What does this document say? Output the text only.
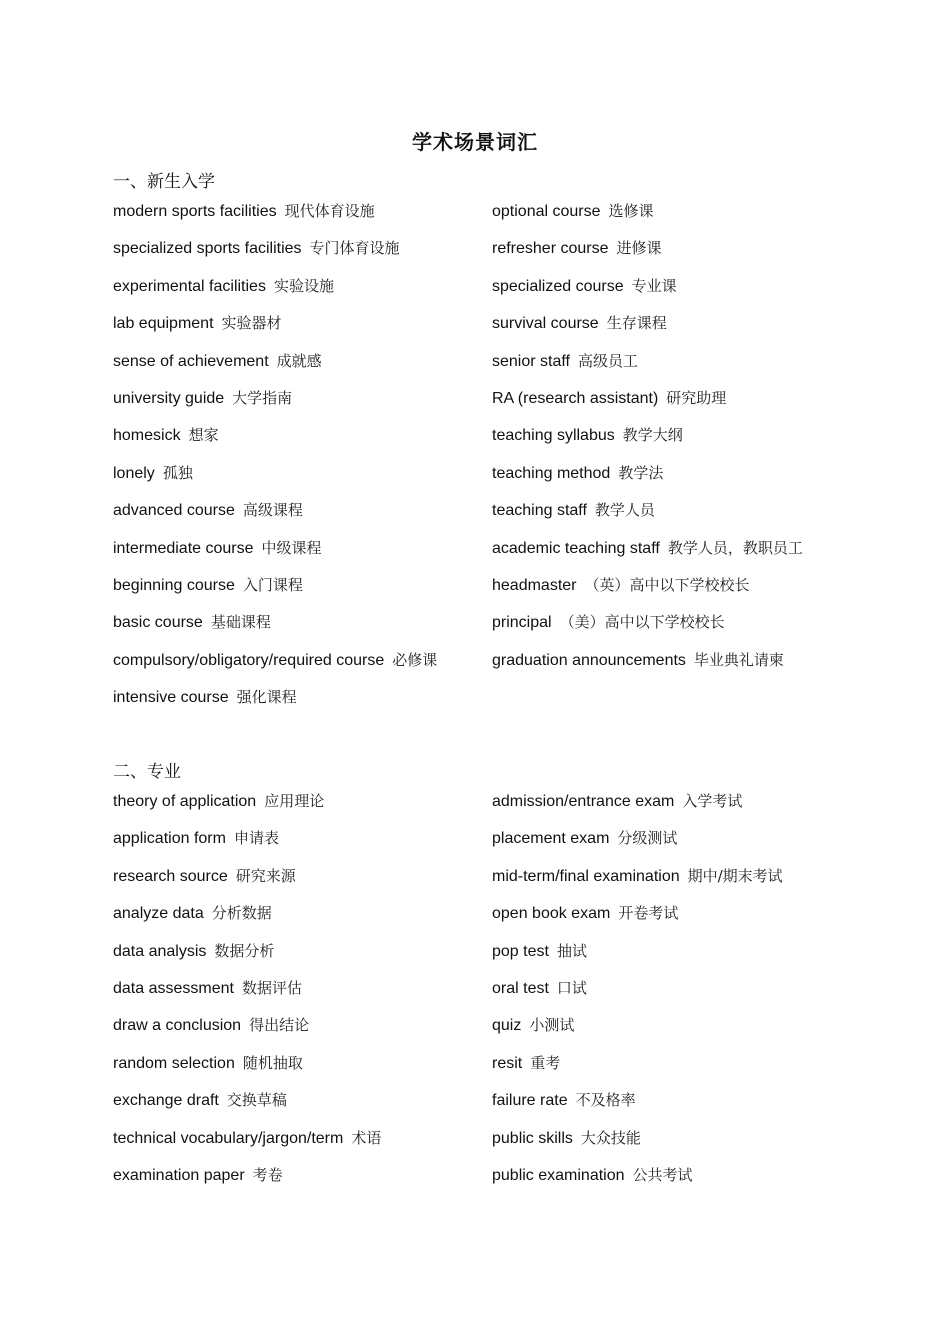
学术场景词汇
一、新生入学
modern sports facilities 现代体育设施
specialized sports facilities 专门体育设施
experimental facilities 实验设施
lab equipment 实验器材
sense of achievement 成就感
university guide 大学指南
homesick 想家
lonely 孤独
advanced course 高级课程
intermediate course 中级课程
beginning course 入门课程
basic course 基础课程
compulsory/obligatory/required course 必修课
intensive course 强化课程
optional course 选修课
refresher course 进修课
specialized course 专业课
survival course 生存课程
senior staff 高级员工
RA (research assistant) 研究助理
teaching syllabus 教学大纲
teaching method 教学法
teaching staff 教学人员
academic teaching staff 教学人员，教职员工
headmaster （英）高中以下学校校长
principal （美）高中以下学校校长
graduation announcements 毕业典礼请柬
二、专业
theory of application 应用理论
application form 申请表
research source 研究来源
analyze data 分析数据
data analysis 数据分析
data assessment 数据评估
draw a conclusion 得出结论
random selection 随机抽取
exchange draft 交换草稿
technical vocabulary/jargon/term 术语
examination paper 考卷
admission/entrance exam 入学考试
placement exam 分级测试
mid-term/final examination 期中/期末考试
open book exam 开卷考试
pop test 抽试
oral test 口试
quiz 小测试
resit 重考
failure rate 不及格率
public skills 大众技能
public examination 公共考试
